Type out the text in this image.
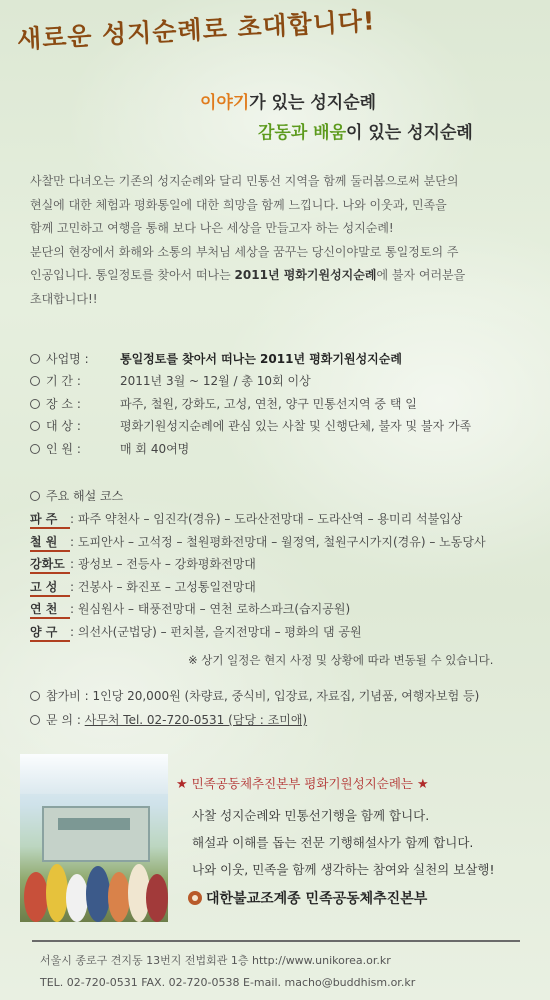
새로운 성지순례로 초대합니다!
이야기가 있는 성지순례
감동과 배움이 있는 성지순례

사찰만 다녀오는 기존의 성지순례와 달리 민통선 지역을 함께 둘러봄으로써 분단의

현실에 대한 체험과 평화통일에 대한 희망을 함께 느낍니다. 나와 이웃과, 민족을

함께 고민하고 여행을 통해 보다 나은 세상을 만들고자 하는 성지순례!

분단의 현장에서 화해와 소통의 부처님 세상을 꿈꾸는 당신이야말로 통일정토의 주

인공입니다. 통일정토를 찾아서 떠나는 2011년 평화기원성지순례에 불자 여러분을

초대합니다!!

사업명 :	통일정토를 찾아서 떠나는 2011년 평화기원성지순례
기 간 :	2011년 3월 ~ 12월 / 총 10회 이상
장 소 :	파주, 철원, 강화도, 고성, 연천, 양구 민통선지역 중 택 일
대 상 :	평화기원성지순례에 관심 있는 사찰 및 신행단체, 불자 및 불자 가족
인 원 :	매 회 40여명
주요 해설 코스
파 주 : 파주 약천사 – 임진각(경유) – 도라산전망대 – 도라산역 – 용미리 석불입상
철 원 : 도피안사 – 고석정 – 철원평화전망대 – 월정역, 철원구시가지(경유) – 노동당사
강화도 : 광성보 – 전등사 – 강화평화전망대
고 성 : 건봉사 – 화진포 – 고성통일전망대
연 천 : 원심원사 – 태풍전망대 – 연천 로하스파크(습지공원)
양 구 : 의선사(군법당) – 펀치볼, 을지전망대 – 평화의 댐 공원
※ 상기 일정은 현지 사정 및 상황에 따라 변동될 수 있습니다.
참가비 : 1인당 20,000원 (차량료, 중식비, 입장료, 자료집, 기념품, 여행자보험 등)
문 의 : 사무처 Tel. 02-720-0531 (담당 : 조미애)
★ 민족공동체추진본부 평화기원성지순례는 ★
사찰 성지순례와 민통선기행을 함께 합니다.
해설과 이해를 돕는 전문 기행해설사가 함께 합니다.
나와 이웃, 민족을 함께 생각하는 참여와 실천의 보살행!
대한불교조계종 민족공동체추진본부
서울시 종로구 견지동 13번지 전법회관 1층 http://www.unikorea.or.kr
TEL. 02-720-0531 FAX. 02-720-0538 E-mail. macho@buddhism.or.kr
